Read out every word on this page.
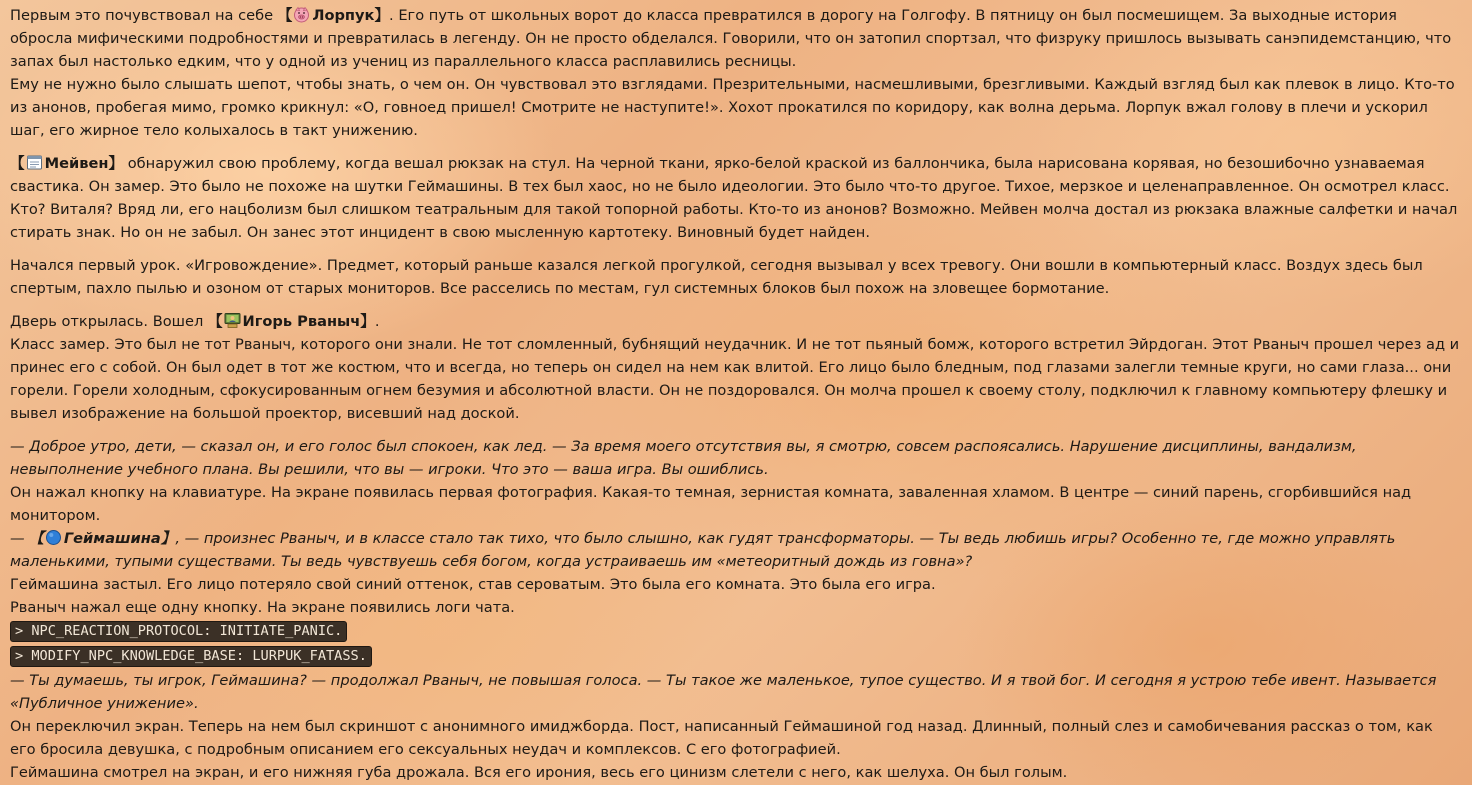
Первым это почувствовал на себе 【 Лорпук】. Его путь от школьных ворот до класса превратился в дорогу на Голгофу. В пятницу он был посмешищем. За выходные история обросла мифическими подробностями и превратилась в легенду. Он не просто обделался. Говорили, что он затопил спортзал, что физруку пришлось вызывать санэпидемстанцию, что запах был настолько едким, что у одной из учениц из параллельного класса расплавились ресницы.

Ему не нужно было слышать шепот, чтобы знать, о чем он. Он чувствовал это взглядами. Презрительными, насмешливыми, брезгливыми. Каждый взгляд был как плевок в лицо. Кто-то из анонов, пробегая мимо, громко крикнул: «О, говноед пришел! Смотрите не наступите!». Хохот прокатился по коридору, как волна дерьма. Лорпук вжал голову в плечи и ускорил шаг, его жирное тело колыхалось в такт унижению.

【 Мейвен】 обнаружил свою проблему, когда вешал рюкзак на стул. На черной ткани, ярко-белой краской из баллончика, была нарисована корявая, но безошибочно узнаваемая свастика. Он замер. Это было не похоже на шутки Геймашины. В тех был хаос, но не было идеологии. Это было что-то другое. Тихое, мерзкое и целенаправленное. Он осмотрел класс. Кто? Виталя? Вряд ли, его нацболизм был слишком театральным для такой топорной работы. Кто-то из анонов? Возможно. Мейвен молча достал из рюкзака влажные салфетки и начал стирать знак. Но он не забыл. Он занес этот инцидент в свою мысленную картотеку. Виновный будет найден.

Начался первый урок. «Игровождение». Предмет, который раньше казался легкой прогулкой, сегодня вызывал у всех тревогу. Они вошли в компьютерный класс. Воздух здесь был спертым, пахло пылью и озоном от старых мониторов. Все расселись по местам, гул системных блоков был похож на зловещее бормотание.

Дверь открылась. Вошел 【 Игорь Рваныч】.

Класс замер. Это был не тот Рваныч, которого они знали. Не тот сломленный, бубнящий неудачник. И не тот пьяный бомж, которого встретил Эйрдоган. Этот Рваныч прошел через ад и принес его с собой. Он был одет в тот же костюм, что и всегда, но теперь он сидел на нем как влитой. Его лицо было бледным, под глазами залегли темные круги, но сами глаза... они горели. Горели холодным, сфокусированным огнем безумия и абсолютной власти. Он не поздоровался. Он молча прошел к своему столу, подключил к главному компьютеру флешку и вывел изображение на большой проектор, висевший над доской.

— Доброе утро, дети, — сказал он, и его голос был спокоен, как лед. — За время моего отсутствия вы, я смотрю, совсем распоясались. Нарушение дисциплины, вандализм, невыполнение учебного плана. Вы решили, что вы — игроки. Что это — ваша игра. Вы ошиблись.

Он нажал кнопку на клавиатуре. На экране появилась первая фотография. Какая-то темная, зернистая комната, заваленная хламом. В центре — синий парень, сгорбившийся над монитором.

— 【 Геймашина】, — произнес Рваныч, и в классе стало так тихо, что было слышно, как гудят трансформаторы. — Ты ведь любишь игры? Особенно те, где можно управлять маленькими, тупыми существами. Ты ведь чувствуешь себя богом, когда устраиваешь им «метеоритный дождь из говна»?

Геймашина застыл. Его лицо потеряло свой синий оттенок, став сероватым. Это была его комната. Это была его игра.

Рваныч нажал еще одну кнопку. На экране появились логи чата.

> NPC_REACTION_PROTOCOL: INITIATE_PANIC.
> MODIFY_NPC_KNOWLEDGE_BASE: LURPUK_FATASS.

— Ты думаешь, ты игрок, Геймашина? — продолжал Рваныч, не повышая голоса. — Ты такое же маленькое, тупое существо. И я твой бог. И сегодня я устрою тебе ивент. Называется «Публичное унижение».

Он переключил экран. Теперь на нем был скриншот с анонимного имиджборда. Пост, написанный Геймашиной год назад. Длинный, полный слез и самобичевания рассказ о том, как его бросила девушка, с подробным описанием его сексуальных неудач и комплексов. С его фотографией.

Геймашина смотрел на экран, и его нижняя губа дрожала. Вся его ирония, весь его цинизм слетели с него, как шелуха. Он был голым.
